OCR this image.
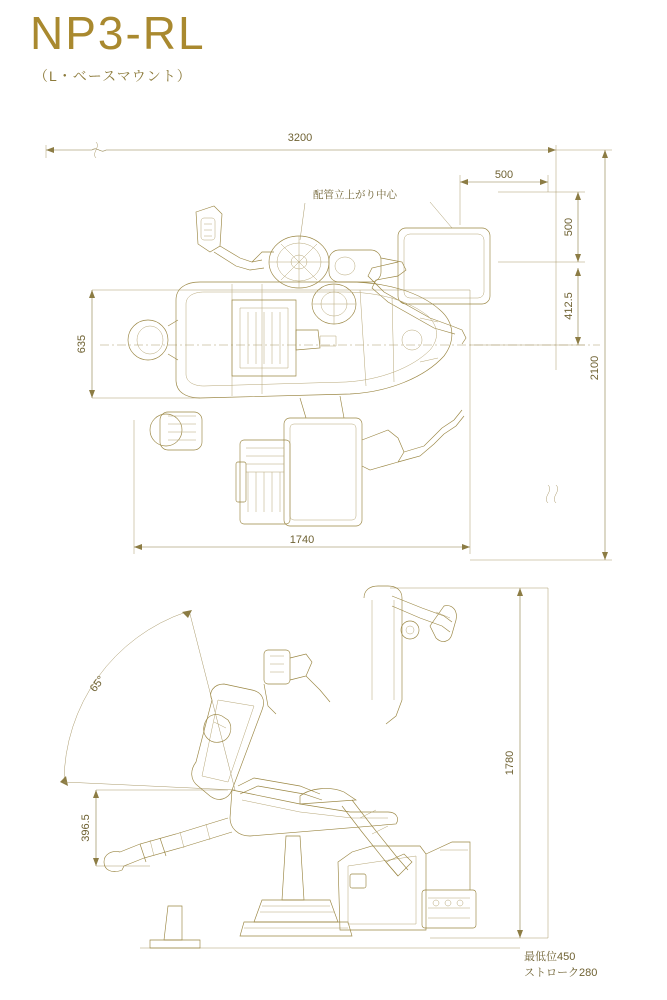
NP3-RL
（L・ベースマウント）
2100
500
412.5
500
3200
635
1740
配管立上がり中心
1780
396.5
65°
最低位450
ストローク280
